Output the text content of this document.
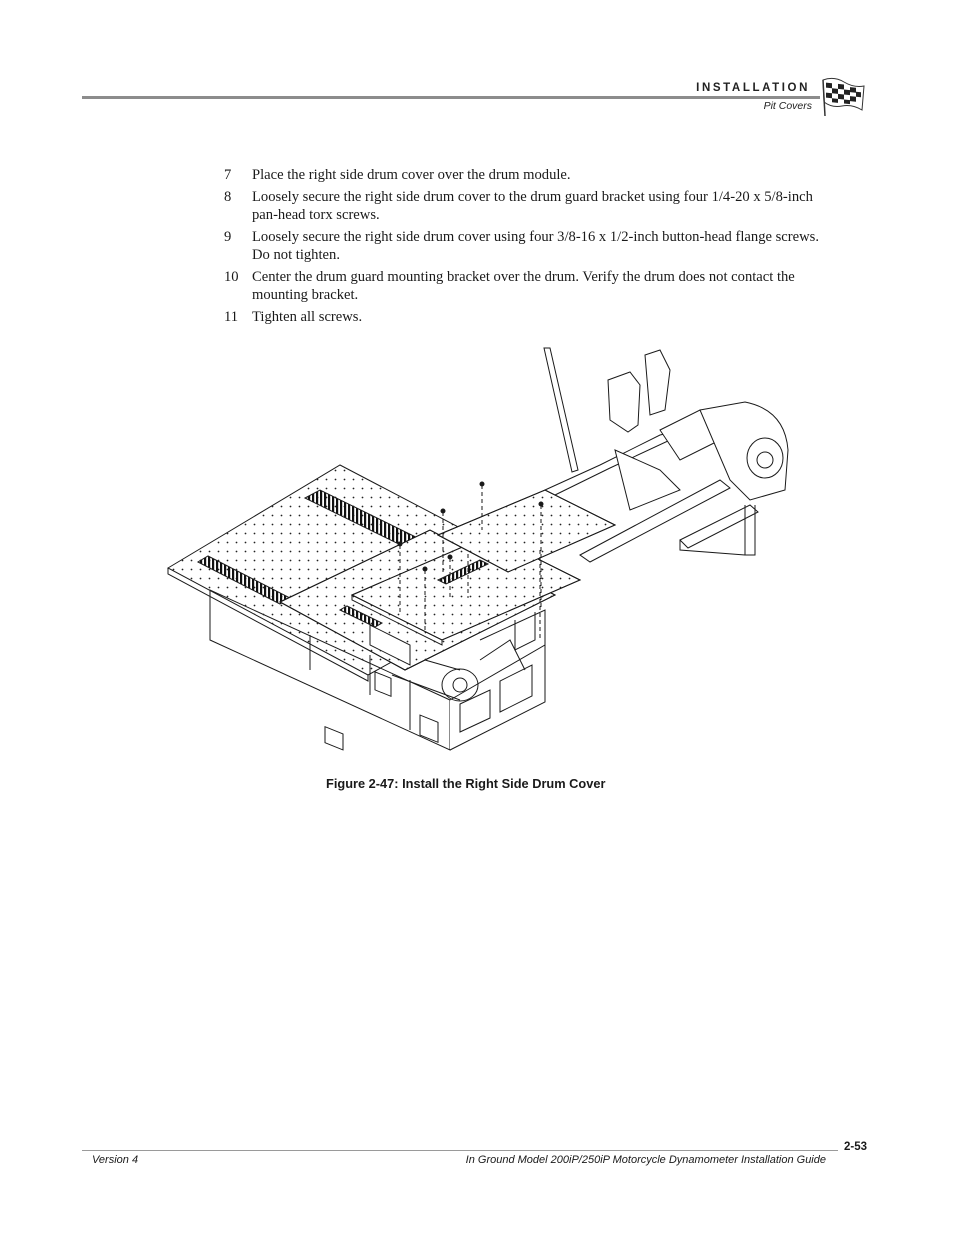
INSTALLATION
Pit Covers
7	Place the right side drum cover over the drum module.
8	Loosely secure the right side drum cover to the drum guard bracket using four 1/4-20 x 5/8-inch pan-head torx screws.
9	Loosely secure the right side drum cover using four 3/8-16 x 1/2-inch button-head flange screws. Do not tighten.
10 Center the drum guard mounting bracket over the drum. Verify the drum does not contact the mounting bracket.
11 Tighten all screws.
Figure 2-47: Install the Right Side Drum Cover
2-53
Version 4	In Ground Model 200iP/250iP Motorcycle Dynamometer Installation Guide
